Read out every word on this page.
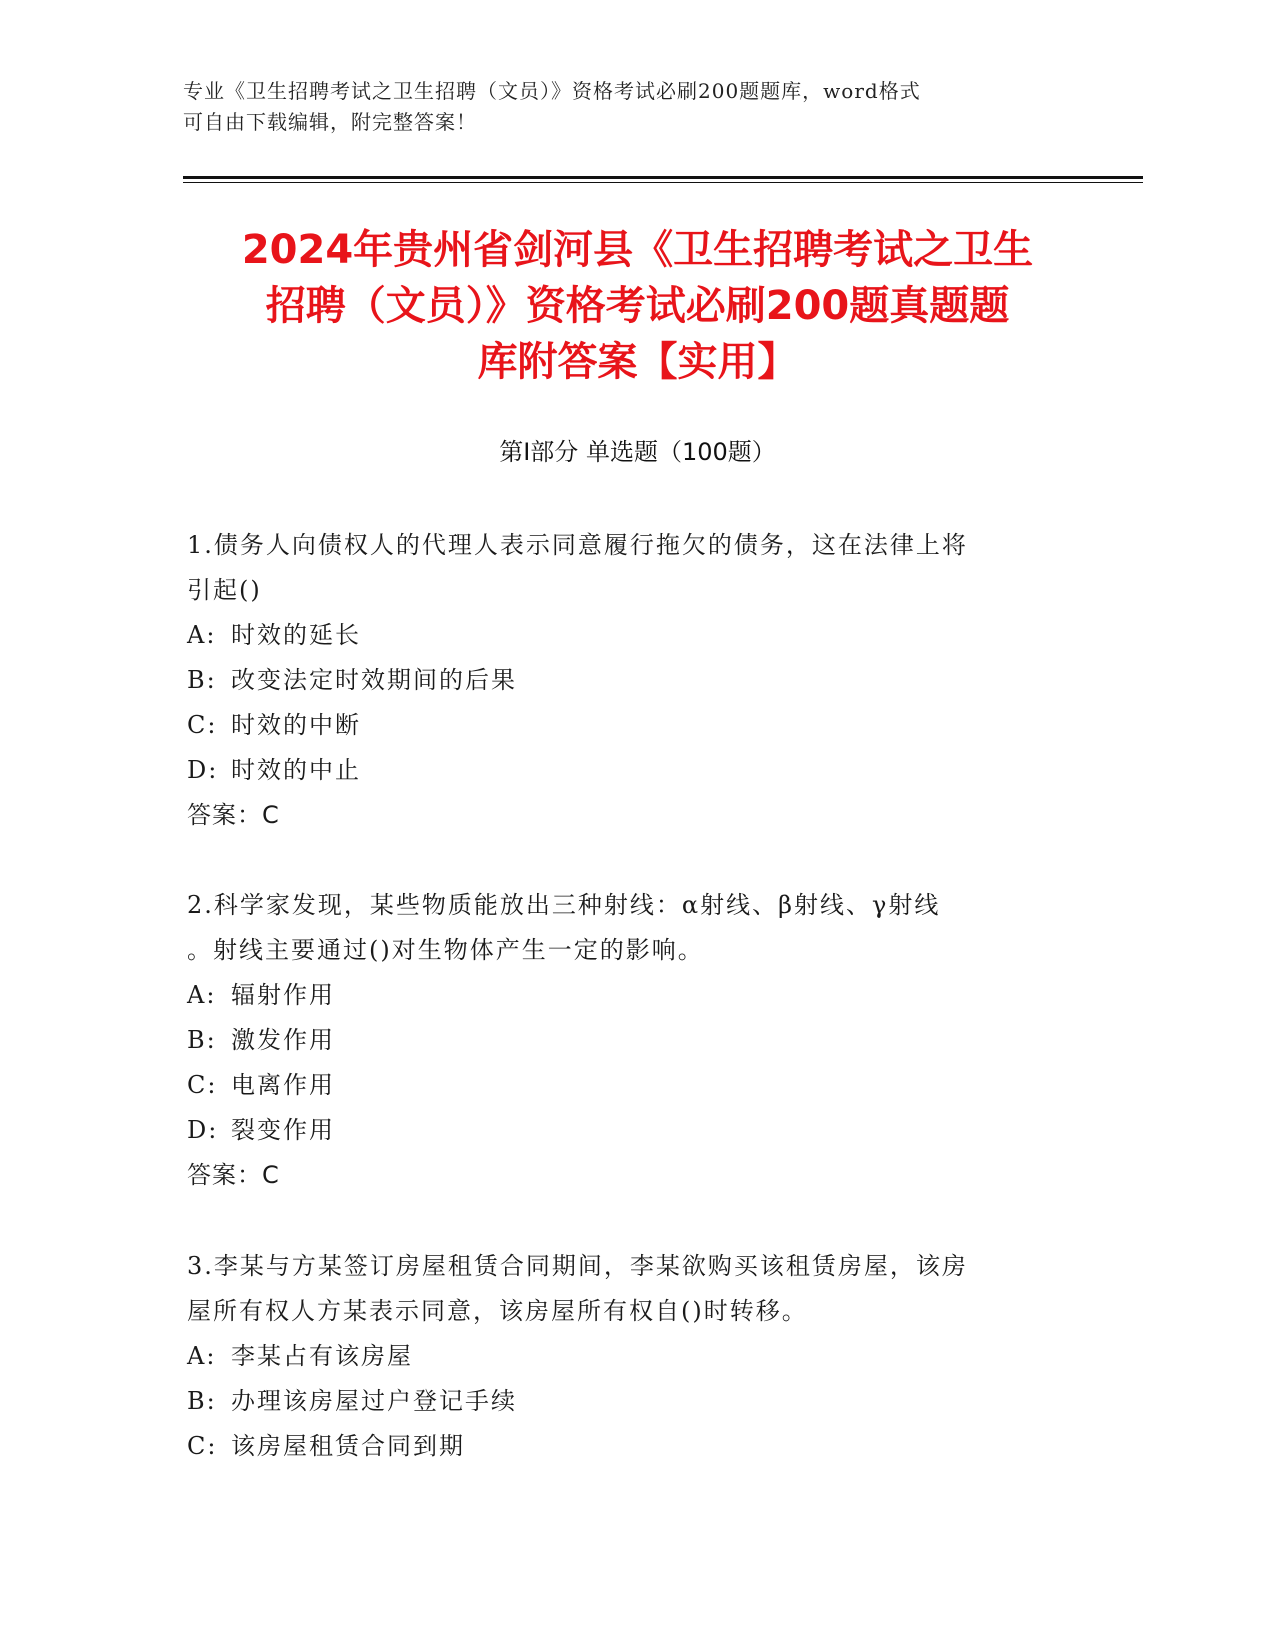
专业《卫生招聘考试之卫生招聘（文员）》资格考试必刷200题题库，word格式
可自由下载编辑，附完整答案！
2024年贵州省剑河县《卫生招聘考试之卫生
招聘（文员）》资格考试必刷200题真题题
库附答案【实用】
第Ⅰ部分 单选题（100题）
1.债务人向债权人的代理人表示同意履行拖欠的债务，这在法律上将
引起()
A: 时效的延长
B: 改变法定时效期间的后果
C: 时效的中断
D: 时效的中止
答案：C
2.科学家发现，某些物质能放出三种射线：α射线、β射线、γ射线
。射线主要通过()对生物体产生一定的影响。
A: 辐射作用
B: 激发作用
C: 电离作用
D: 裂变作用
答案：C
3.李某与方某签订房屋租赁合同期间，李某欲购买该租赁房屋，该房
屋所有权人方某表示同意，该房屋所有权自()时转移。
A: 李某占有该房屋
B: 办理该房屋过户登记手续
C: 该房屋租赁合同到期
